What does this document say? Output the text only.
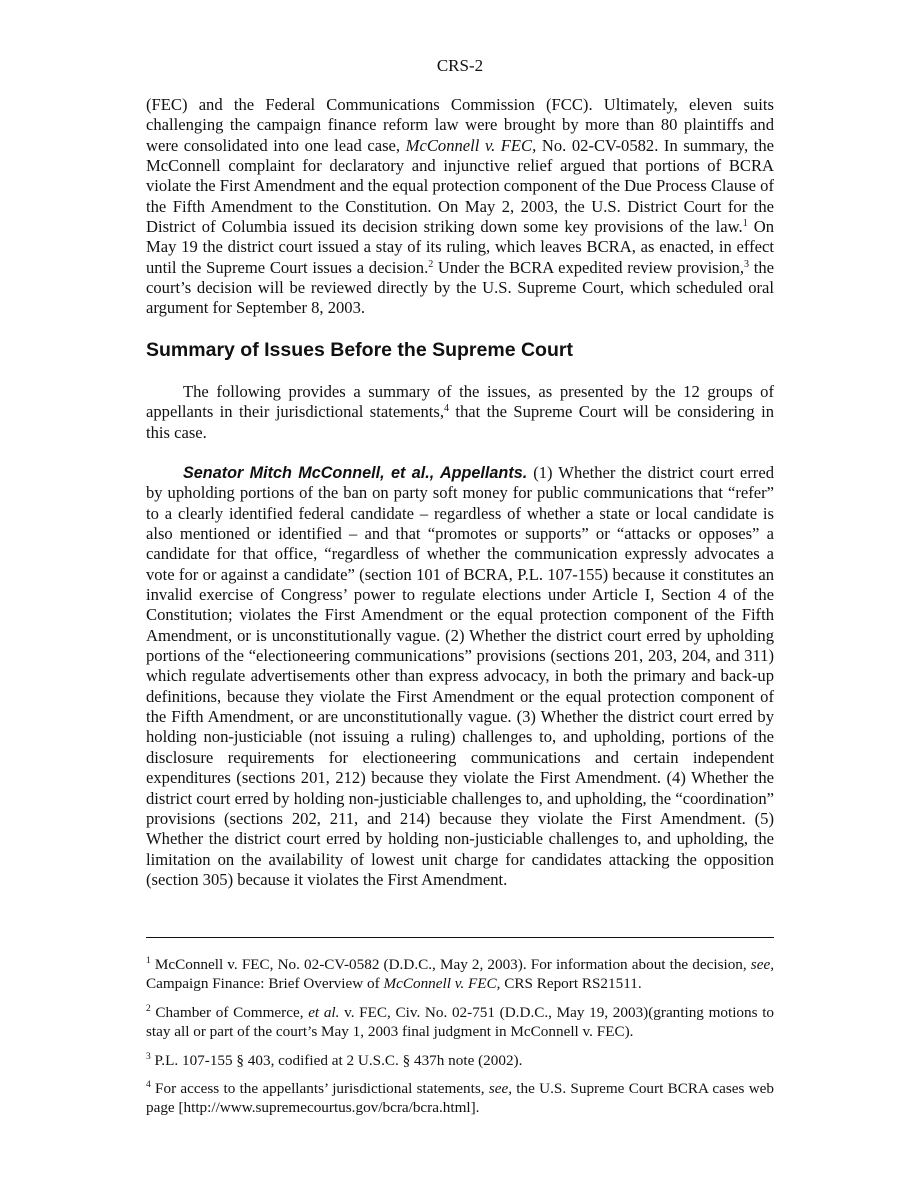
CRS-2

(FEC) and the Federal Communications Commission (FCC). Ultimately, eleven suits challenging the campaign finance reform law were brought by more than 80 plaintiffs and were consolidated into one lead case, McConnell v. FEC, No. 02-CV-0582. In summary, the McConnell complaint for declaratory and injunctive relief argued that portions of BCRA violate the First Amendment and the equal protection component of the Due Process Clause of the Fifth Amendment to the Constitution. On May 2, 2003, the U.S. District Court for the District of Columbia issued its decision striking down some key provisions of the law.$^1$ On May 19 the district court issued a stay of its ruling, which leaves BCRA, as enacted, in effect until the Supreme Court issues a decision.$^2$ Under the BCRA expedited review provision,$^3$ the court’s decision will be reviewed directly by the U.S. Supreme Court, which scheduled oral argument for September 8, 2003.

Summary of Issues Before the Supreme Court

The following provides a summary of the issues, as presented by the 12 groups of appellants in their jurisdictional statements,$^4$ that the Supreme Court will be considering in this case.

Senator Mitch McConnell, et al., Appellants. (1) Whether the district court erred by upholding portions of the ban on party soft money for public communications that “refer” to a clearly identified federal candidate – regardless of whether a state or local candidate is also mentioned or identified – and that “promotes or supports” or “attacks or opposes” a candidate for that office, “regardless of whether the communication expressly advocates a vote for or against a candidate” (section 101 of BCRA, P.L. 107-155) because it constitutes an invalid exercise of Congress’ power to regulate elections under Article I, Section 4 of the Constitution; violates the First Amendment or the equal protection component of the Fifth Amendment, or is unconstitutionally vague. (2) Whether the district court erred by upholding portions of the “electioneering communications” provisions (sections 201, 203, 204, and 311) which regulate advertisements other than express advocacy, in both the primary and back-up definitions, because they violate the First Amendment or the equal protection component of the Fifth Amendment, or are unconstitutionally vague. (3) Whether the district court erred by holding non-justiciable (not issuing a ruling) challenges to, and upholding, portions of the disclosure requirements for electioneering communications and certain independent expenditures (sections 201, 212) because they violate the First Amendment. (4) Whether the district court erred by holding non-justiciable challenges to, and upholding, the “coordination” provisions (sections 202, 211, and 214) because they violate the First Amendment. (5) Whether the district court erred by holding non-justiciable challenges to, and upholding, the limitation on the availability of lowest unit charge for candidates attacking the opposition (section 305) because it violates the First Amendment.

$^1$ McConnell v. FEC, No. 02-CV-0582 (D.D.C., May 2, 2003). For information about the decision, see, Campaign Finance: Brief Overview of McConnell v. FEC, CRS Report RS21511.

$^2$ Chamber of Commerce, et al. v. FEC, Civ. No. 02-751 (D.D.C., May 19, 2003)(granting motions to stay all or part of the court’s May 1, 2003 final judgment in McConnell v. FEC).

$^3$ P.L. 107-155 § 403, codified at 2 U.S.C. § 437h note (2002).

$^4$ For access to the appellants’ jurisdictional statements, see, the U.S. Supreme Court BCRA cases web page [http://www.supremecourtus.gov/bcra/bcra.html].
